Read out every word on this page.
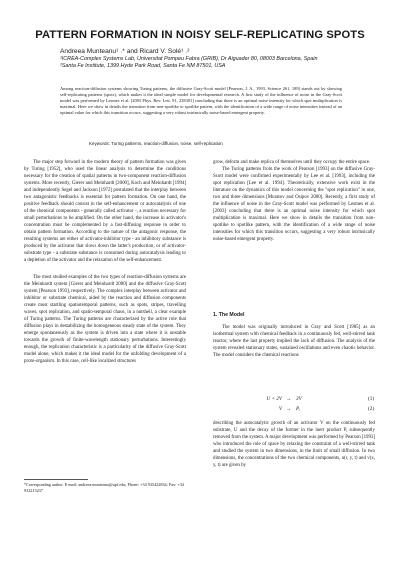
PATTERN FORMATION IN NOISY SELF-REPLICATING SPOTS
Andreea Munteanu¹ ˒* and Ricard V. Solé¹ ˒²
¹ICREA-Complex Systems Lab, Universitat Pompeu Fabra (GRIB), Dr Aiguader 80, 08003 Barcelona, Spain
²Santa Fe Institute, 1399 Hyde Park Road, Santa Fe NM 87501, USA
Among reaction-diffusion systems showing Turing patterns, the diffusive Gray-Scott model [Pearson, J. A., 1993. Science 261, 189] stands out by showing self-replicating patterns (spots), which makes it the ideal simple model for developmental research. A first study of the influence of noise in the Gray-Scott model was performed by Lesmes et al. [2003 Phys. Rev. Lett. 91, 238301] concluding that there is an optimal noise intensity for which spot multiplication is maximal. Here we show in details the transition from non-spotlike to spotlike pattern, with the identification of a wide range of noise intensities instead of an optimal value for which this transition occurs, suggesting a very robust intrinsically noise-based emergent property.
Keywords: Turing patterns, reaction-diffusion, noise, self-replication

The major step forward in the modern theory of pattern formation was given by Turing [1952], who used the linear analysis to determine the conditions necessary for the creation of spatial patterns in two-component reaction-diffusion systems. More recently, Gierer and Meinhardt [2000], Koch and Meinhardt [1994] and independently Segel and Jackson [1972] postulated that the interplay between two antagonistic feedbacks is essential for pattern formation. On one hand, the positive feedback should consist in the self-enhancement or autocatalysis of one of the chemical components - generally called activator -, a reaction necessary for small perturbations to be amplified. On the other hand, the increase in activator's concentration must be complemented by a fast-diffusing response in order to obtain pattern formation. According to the nature of the antagonic response, the resulting systems are either of activator-inhibitor type - an inhibitory substance is produced by the activator that slows down the latter's production, or of activator-substrate type - a substrate substance is consumed during autocatalysis leading to a depletion of the activator and the relaxation of the self-enhancement.

The most studied examples of the two types of reaction-diffusion systems are the Meinhardt system [Gierer and Meinhardt 2000] and the diffusive Gray-Scott system [Pearson 1993], respectively. The complex interplay between activator and inhibitor or substrate chemical, aided by the reaction and diffusion components create most startling spatiotemporal patterns, such as spots, stripes, travelling waves, spot replication, and spatio-temporal chaos, in a nutshell, a clear example of Turing patterns. The Turing patterns are characterized by the active role that diffusion plays in destabilizing the homogeneous steady state of the system. They emerge spontaneously as the system is driven into a state where it is unstable towards the growth of finite-wavelength stationary perturbations. Interestingly enough, the replication characteristic is a particularity of the diffusive Gray-Scott model alone, which makes it the ideal model for the unfolding development of a proto-organism. In this case, cell-like localized structures

*Corresponding author. E-mail: andreea.munteanu@upf.edu; Phone: +34 935422834; Fax: +34 932213237

grow, deform and make replica of themselves until they occupy the entire space.

The Turing patterns from the work of Pearson [1993] on the diffusive Gray-Scott model were confirmed experimentally by Lee et al. [1993], including the spot replication [Lee et al. 1994]. Theoretically, extensive work exist in the literature on the dynamics of this model concerning the "spot replication" in one, two and three dimensions [Muratov and Osipov 2000]. Recently, a first study of the influence of noise in the Gray-Scott model was performed by Lesmes et al. [2003] concluding that there is an optimal noise intensity for which spot multiplication is maximal. Here we show in details the transition from non-spotlike to spotlike pattern, with the identification of a wide range of noise intensities for which this transition occurs, suggesting a very robust intrinsically noise-based emergent property.

1. The Model

The model was originally introduced in Gray and Scott [1985] as an isothermal system with chemical feedback in a continuously fed, well-stirred tank reactor, where the last property implied the lack of diffusion. The analysis of the system revealed stationary states, sustained oscillations and even chaotic behavior. The model considers the chemical reactions

U + 2V → 3V	(1)
V → P,	(2)

describing the autocatalytic growth of an activator V on the continuously fed substrate, U and the decay of the former in the inert product P, subsequently removed from the system. A major development was performed by Pearson [1993] who introduced the role of space by relaxing the constraint of a well-stirred tank and studied the system in two dimensions, in the limit of small diffusion. In two dimensions, the concentrations of the two chemical components, u(r, y, t) and v(x, y, t) are given by
